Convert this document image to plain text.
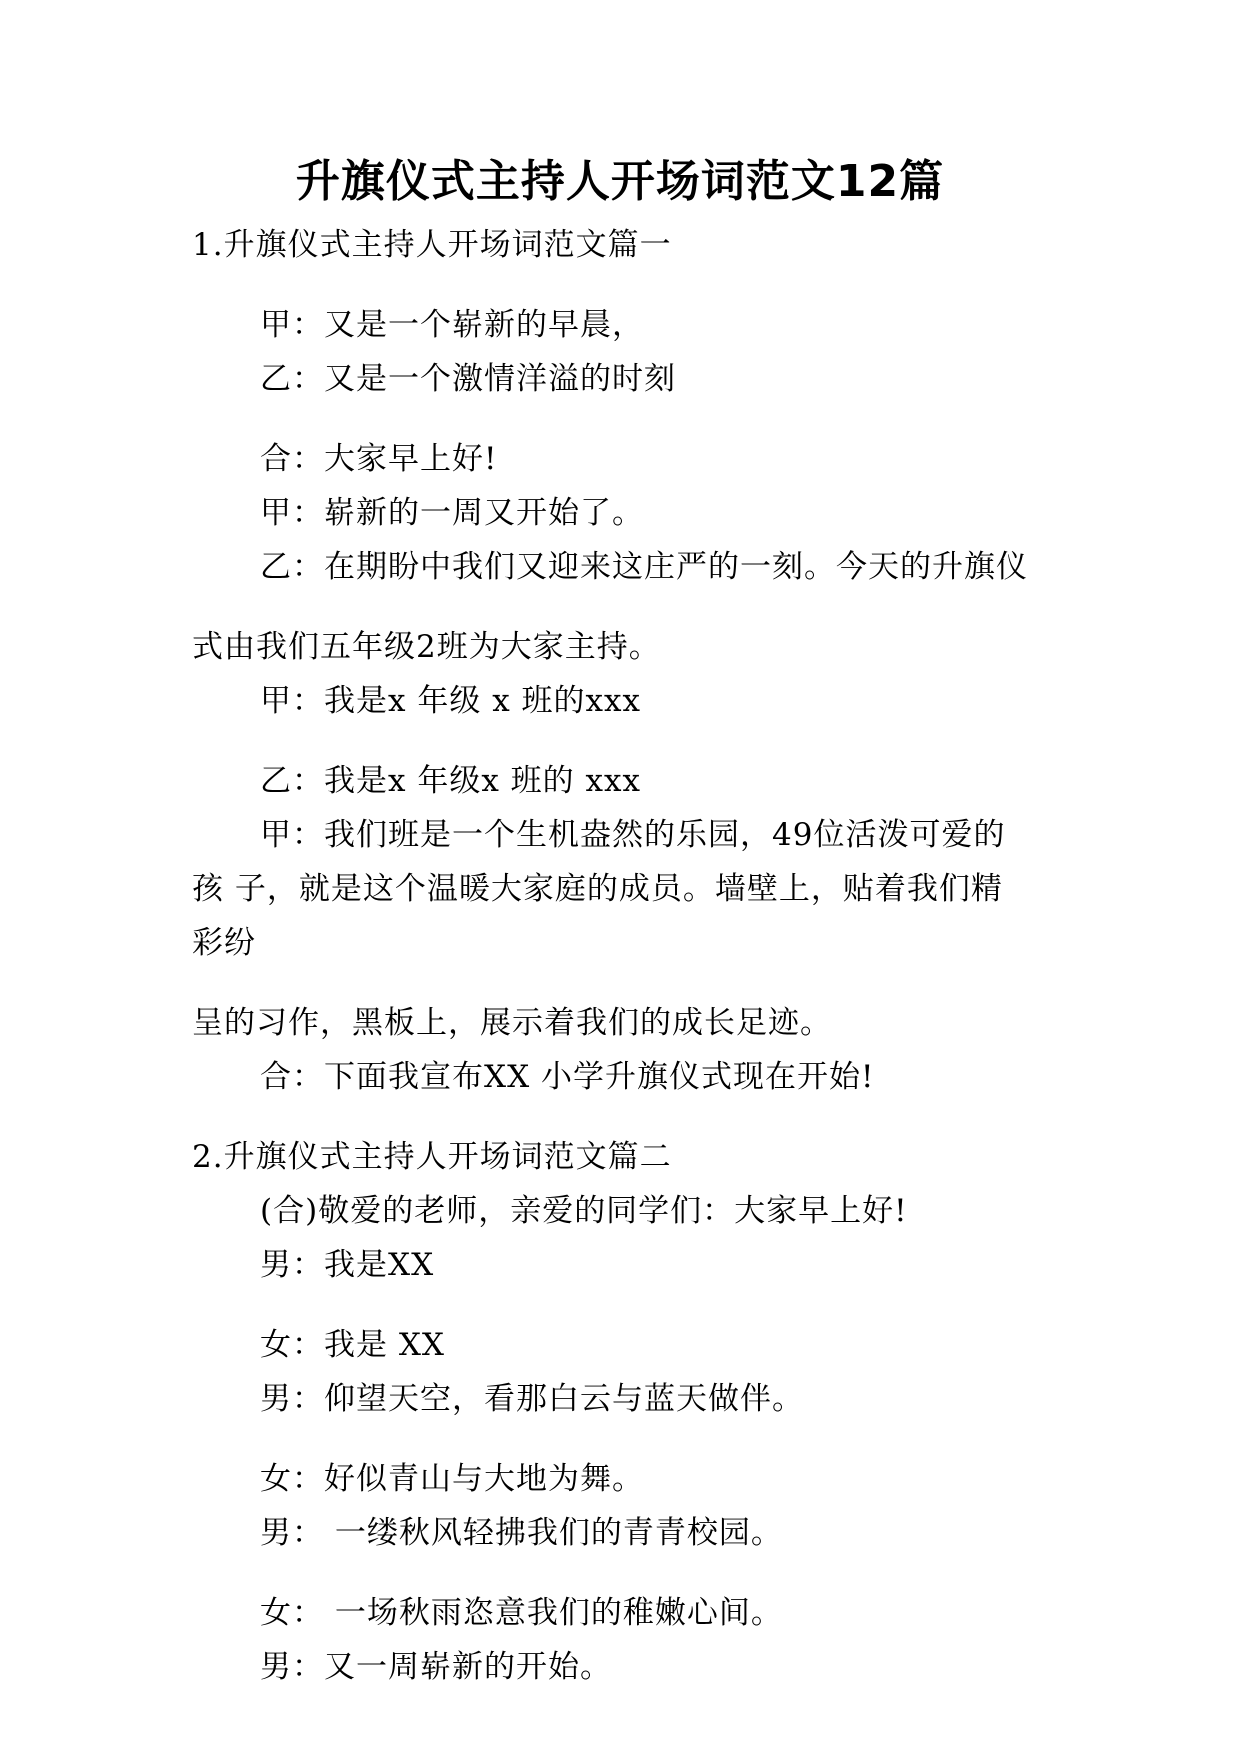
升旗仪式主持人开场词范文12篇
1.升旗仪式主持人开场词范文篇一
甲：又是一个崭新的早晨，
乙：又是一个激情洋溢的时刻
合：大家早上好!
甲：崭新的一周又开始了。
乙：在期盼中我们又迎来这庄严的一刻。今天的升旗仪
式由我们五年级2班为大家主持。
甲：我是x 年级 x 班的xxx
乙：我是x 年级x 班的 xxx
甲：我们班是一个生机盎然的乐园，49位活泼可爱的
孩 子，就是这个温暖大家庭的成员。墙壁上，贴着我们精
彩纷
呈的习作，黑板上，展示着我们的成长足迹。
合：下面我宣布XX 小学升旗仪式现在开始!
2.升旗仪式主持人开场词范文篇二
(合)敬爱的老师，亲爱的同学们：大家早上好!
男：我是XX
女：我是 XX
男：仰望天空，看那白云与蓝天做伴。
女：好似青山与大地为舞。
男： 一缕秋风轻拂我们的青青校园。
女： 一场秋雨恣意我们的稚嫩心间。
男：又一周崭新的开始。
